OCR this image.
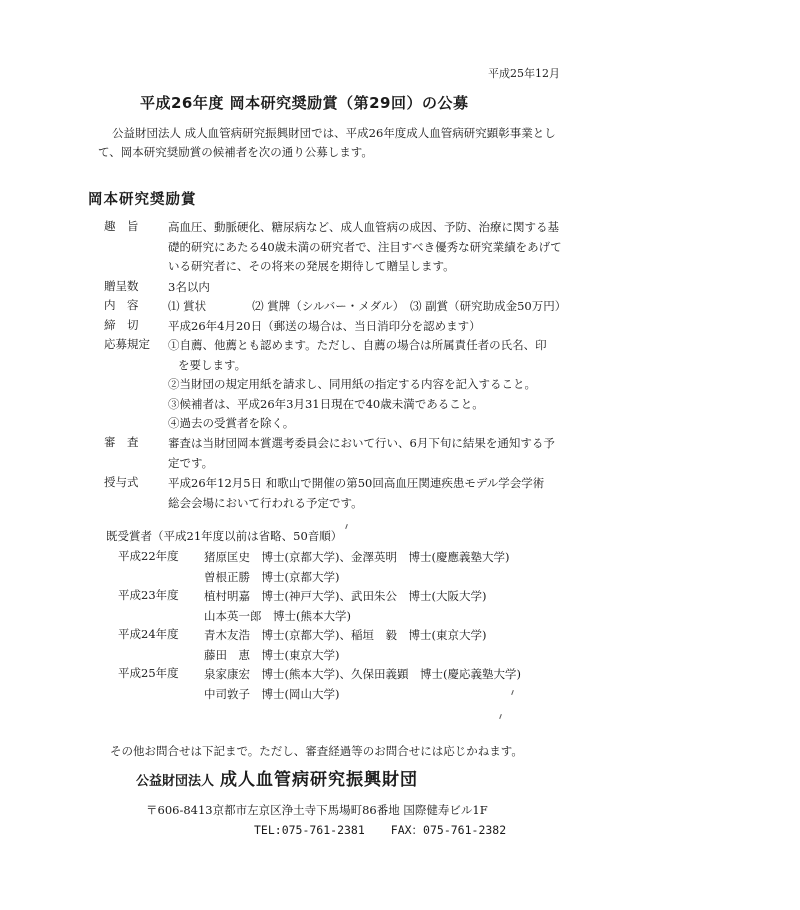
平成25年12月
平成26年度 岡本研究奨励賞（第29回）の公募

公益財団法人 成人血管病研究振興財団では、平成26年度成人血管病研究顕彰事業とし

て、岡本研究奨励賞の候補者を次の通り公募します。

岡本研究奨励賞
趣　旨	高血圧、動脈硬化、糖尿病など、成人血管病の成因、予防、治療に関する基

礎的研究にあたる40歳未満の研究者で、注目すべき優秀な研究業績をあげて

いる研究者に、その将来の発展を期待して贈呈します。

贈呈数	3名以内

内　容	⑴ 賞状　　　　⑵ 賞牌（シルバー・メダル）　⑶ 副賞（研究助成金50万円）

締　切	平成26年4月20日（郵送の場合は、当日消印分を認めます）

応募規定	①自薦、他薦とも認めます。ただし、自薦の場合は所属責任者の氏名、印

を要します。

②当財団の規定用紙を請求し、同用紙の指定する内容を記入すること。

③候補者は、平成26年3月31日現在で40歳未満であること。

④過去の受賞者を除く。

審　査	審査は当財団岡本賞選考委員会において行い、6月下旬に結果を通知する予

定です。

授与式	平成26年12月5日 和歌山で開催の第50回高血圧関連疾患モデル学会学術

総会会場において行われる予定です。

既受賞者（平成21年度以前は省略、50音順）
平成22年度	猪原匡史　博士(京都大学)、金澤英明　博士(慶應義塾大学)

曽根正勝　博士(京都大学)

平成23年度	植村明嘉　博士(神戸大学)、武田朱公　博士(大阪大学)

山本英一郎　博士(熊本大学)

平成24年度	青木友浩　博士(京都大学)、稲垣　毅　博士(東京大学)

藤田　恵　博士(東京大学)

平成25年度	泉家康宏　博士(熊本大学)、久保田義顕　博士(慶応義塾大学)

中司敦子　博士(岡山大学)

その他お問合せは下記まで。ただし、審査経過等のお問合せには応じかねます。
公益財団法人 成人血管病研究振興財団
〒606-8413京都市左京区浄土寺下馬場町86番地 国際健寿ビル1F
TEL:075-761-2381 FAX：075-761-2382
